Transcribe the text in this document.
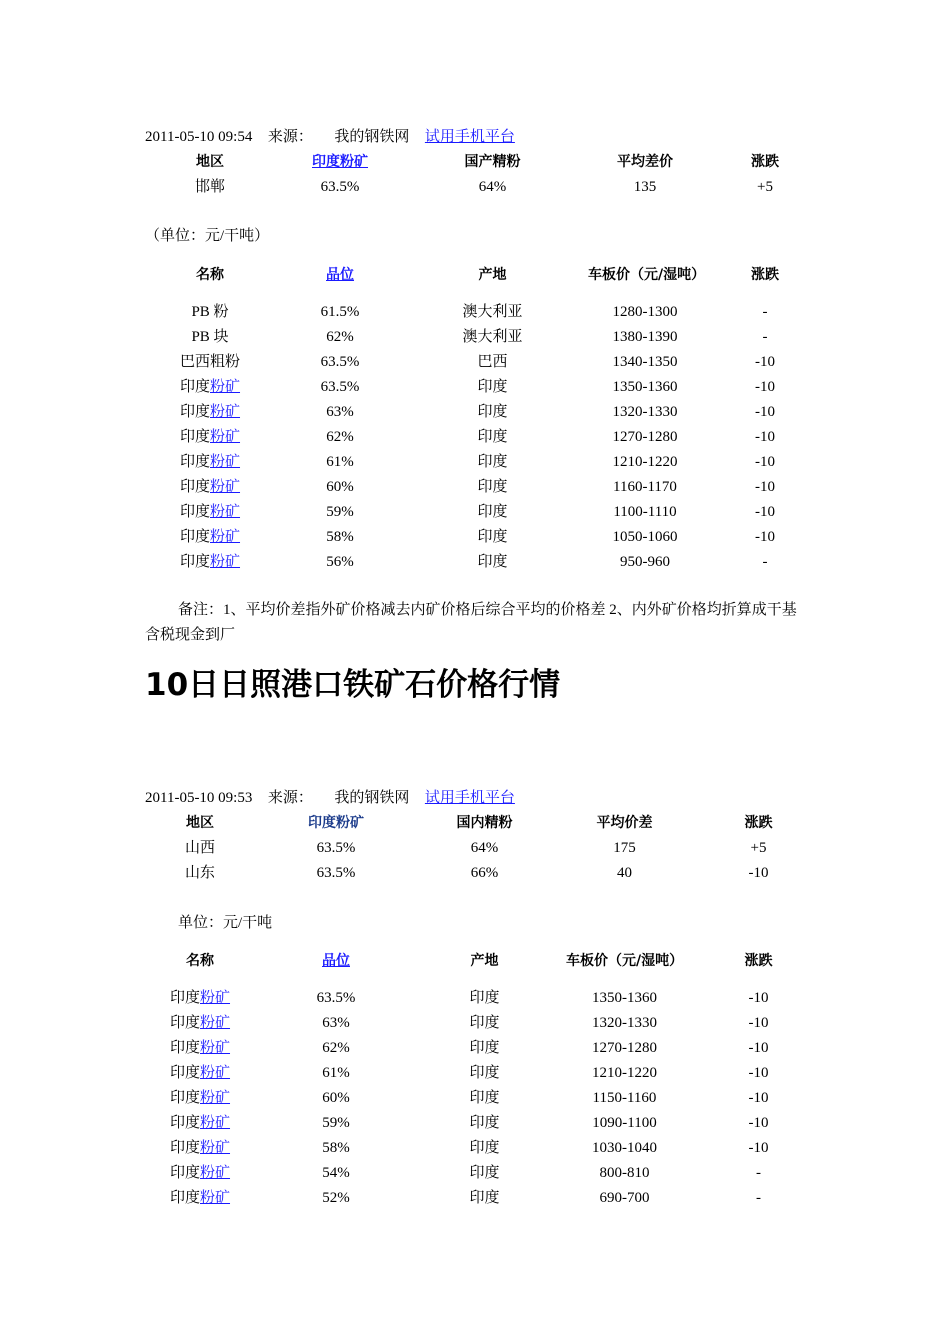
2011-05-10 09:54 来源： 我的钢铁网 试用手机平台
地区	印度粉矿	国产精粉	平均差价	涨跌
邯郸	63.5%	64%	135	+5
（单位：元/干吨）
名称	品位	产地	车板价（元/湿吨）	涨跌
PB 粉	61.5%	澳大利亚	1280-1300	-
PB 块	62%	澳大利亚	1380-1390	-
巴西粗粉	63.5%	巴西	1340-1350	-10
印度粉矿	63.5%	印度	1350-1360	-10
印度粉矿	63%	印度	1320-1330	-10
印度粉矿	62%	印度	1270-1280	-10
印度粉矿	61%	印度	1210-1220	-10
印度粉矿	60%	印度	1160-1170	-10
印度粉矿	59%	印度	1100-1110	-10
印度粉矿	58%	印度	1050-1060	-10
印度粉矿	56%	印度	950-960	-
备注：1、平均价差指外矿价格减去内矿价格后综合平均的价格差 2、内外矿价格均折算成干基含税现金到厂
10日日照港口铁矿石价格行情
2011-05-10 09:53 来源： 我的钢铁网 试用手机平台
地区	印度粉矿	国内精粉	平均价差	涨跌
山西	63.5%	64%	175	+5
山东	63.5%	66%	40	-10
单位：元/干吨
名称	品位	产地	车板价（元/湿吨）	涨跌
印度粉矿	63.5%	印度	1350-1360	-10
印度粉矿	63%	印度	1320-1330	-10
印度粉矿	62%	印度	1270-1280	-10
印度粉矿	61%	印度	1210-1220	-10
印度粉矿	60%	印度	1150-1160	-10
印度粉矿	59%	印度	1090-1100	-10
印度粉矿	58%	印度	1030-1040	-10
印度粉矿	54%	印度	800-810	-
印度粉矿	52%	印度	690-700	-
